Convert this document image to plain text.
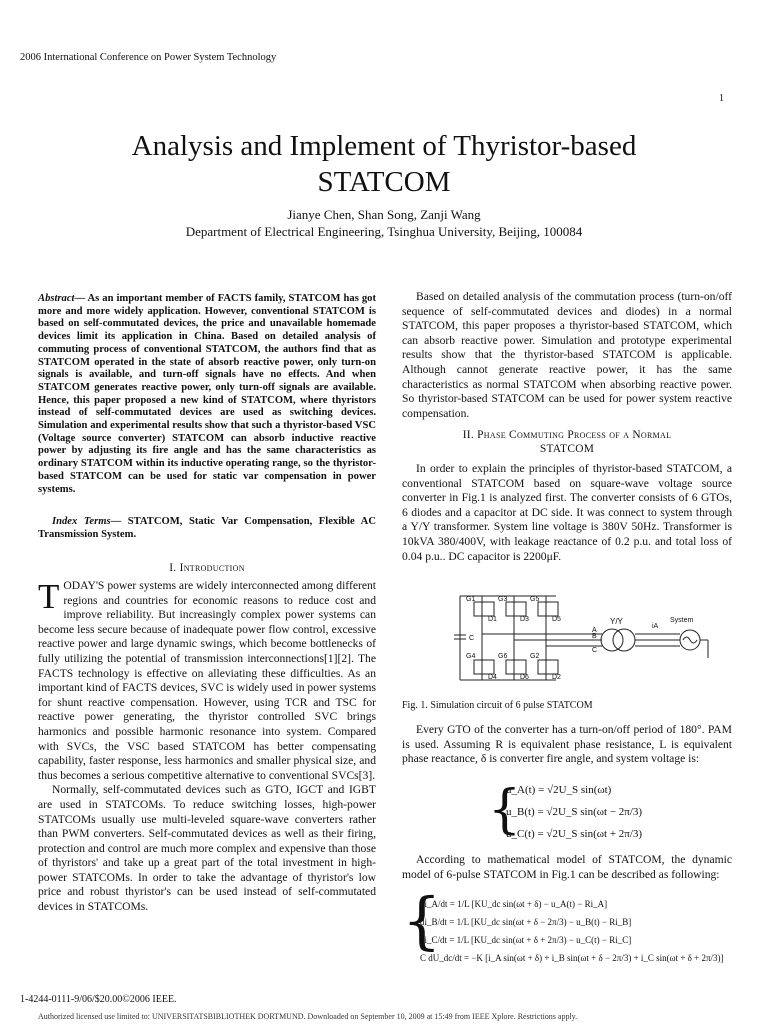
2006 International Conference on Power System Technology
1
Analysis and Implement of Thyristor-based STATCOM
Jianye Chen, Shan Song, Zanji Wang
Department of Electrical Engineering, Tsinghua University, Beijing, 100084
Abstract— As an important member of FACTS family, STATCOM has got more and more widely application. However, conventional STATCOM is based on self-commutated devices, the price and unavailable homemade devices limit its application in China. Based on detailed analysis of commuting process of conventional STATCOM, the authors find that as STATCOM operated in the state of absorb reactive power, only turn-on signals is available, and turn-off signals have no effects. And when STATCOM generates reactive power, only turn-off signals are available. Hence, this paper proposed a new kind of STATCOM, where thyristors instead of self-commutated devices are used as switching devices. Simulation and experimental results show that such a thyristor-based VSC (Voltage source converter) STATCOM can absorb inductive reactive power by adjusting its fire angle and has the same characteristics as ordinary STATCOM within its inductive operating range, so the thyristor-based STATCOM can be used for static var compensation in power systems.
Index Terms— STATCOM, Static Var Compensation, Flexible AC Transmission System.
I. Introduction

TODAY'S power systems are widely interconnected among different regions and countries for economic reasons to reduce cost and improve reliability. But increasingly complex power systems can become less secure because of inadequate power flow control, excessive reactive power and large dynamic swings, which become bottlenecks of fully utilizing the potential of transmission interconnections[1][2]. The FACTS technology is effective on alleviating these difficulties. As an important kind of FACTS devices, SVC is widely used in power systems for shunt reactive compensation. However, using TCR and TSC for reactive power generating, the thyristor controlled SVC brings harmonics and possible harmonic resonance into system. Compared with SVCs, the VSC based STATCOM has better compensating capability, faster response, less harmonics and smaller physical size, and thus becomes a serious competitive alternative to conventional SVCs[3].

Normally, self-commutated devices such as GTO, IGCT and IGBT are used in STATCOMs. To reduce switching losses, high-power STATCOMs usually use multi-leveled square-wave converters rather than PWM converters. Self-commutated devices as well as their firing, protection and control are much more complex and expensive than those of thyristors' and take up a great part of the total investment in high-power STATCOMs. In order to take the advantage of thyristor's low price and robust thyristor's can be used instead of self-commutated devices in STATCOMs.

Based on detailed analysis of the commutation process (turn-on/off sequence of self-commutated devices and diodes) in a normal STATCOM, this paper proposes a thyristor-based STATCOM, which can absorb reactive power. Simulation and prototype experimental results show that the thyristor-based STATCOM is applicable. Although cannot generate reactive power, it has the same characteristics as normal STATCOM when absorbing reactive power. So thyristor-based STATCOM can be used for power system reactive compensation.
II. Phase Commuting Process of a Normal
STATCOM
In order to explain the principles of thyristor-based STATCOM, a conventional STATCOM based on square-wave voltage source converter in Fig.1 is analyzed first. The converter consists of 6 GTOs, 6 diodes and a capacitor at DC side. It was connect to system through a Y/Y transformer. System line voltage is 380V 50Hz. Transformer is 10kVA 380/400V, with leakage reactance of 0.2 p.u. and total loss of 0.04 p.u.. DC capacitor is 2200μF.
G1	G3	G5
G4	G6	G2
D1	D3	D5
D4	D6	D2
C
A
B
C
Y/Y
iA
System
Fig. 1. Simulation circuit of 6 pulse STATCOM
Every GTO of the converter has a turn-on/off period of 180°. PAM is used. Assuming R is equivalent phase resistance, L is equivalent phase reactance, δ is converter fire angle, and system voltage is:
{
u_A(t) = √2U_S sin(ωt)
u_B(t) = √2U_S sin(ωt − 2π/3)
u_C(t) = √2U_S sin(ωt + 2π/3)
According to mathematical model of STATCOM, the dynamic model of 6-pulse STATCOM in Fig.1 can be described as following:
{
di_A/dt = 1/L [KU_dc sin(ωt + δ) − u_A(t) − Ri_A]
di_B/dt = 1/L [KU_dc sin(ωt + δ − 2π/3) − u_B(t) − Ri_B]
di_C/dt = 1/L [KU_dc sin(ωt + δ + 2π/3) − u_C(t) − Ri_C]
C dU_dc/dt = −K [i_A sin(ωt + δ) + i_B sin(ωt + δ − 2π/3) + i_C sin(ωt + δ + 2π/3)]
1-4244-0111-9/06/$20.00©2006 IEEE.
Authorized licensed use limited to: UNIVERSITATSBIBLIOTHEK DORTMUND. Downloaded on September 10, 2009 at 15:49 from IEEE Xplore. Restrictions apply.
